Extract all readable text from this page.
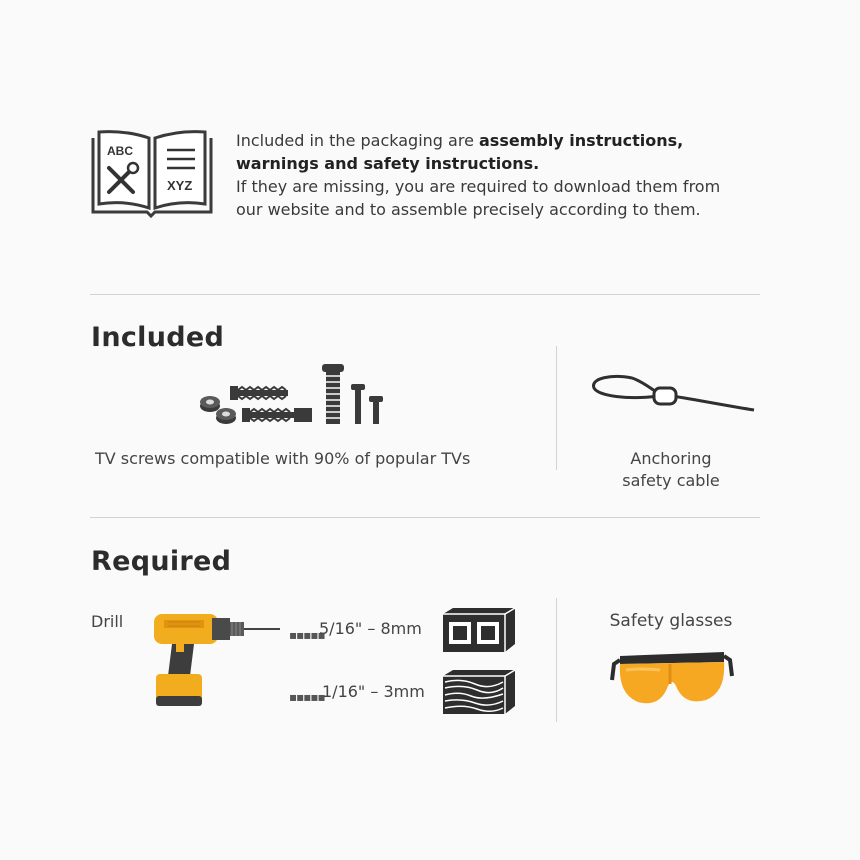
ABC
XYZ
Included in the packaging are assembly instructions,
warnings and safety instructions.
If they are missing, you are required to download them from
our website and to assemble precisely according to them.
Included
TV screws compatible with 90% of popular TVs	Anchoring
safety cable
Required
Drill
▪▪▪▪▪
5/16" – 8mm
▪▪▪▪▪
1/16" – 3mm
Safety glasses
